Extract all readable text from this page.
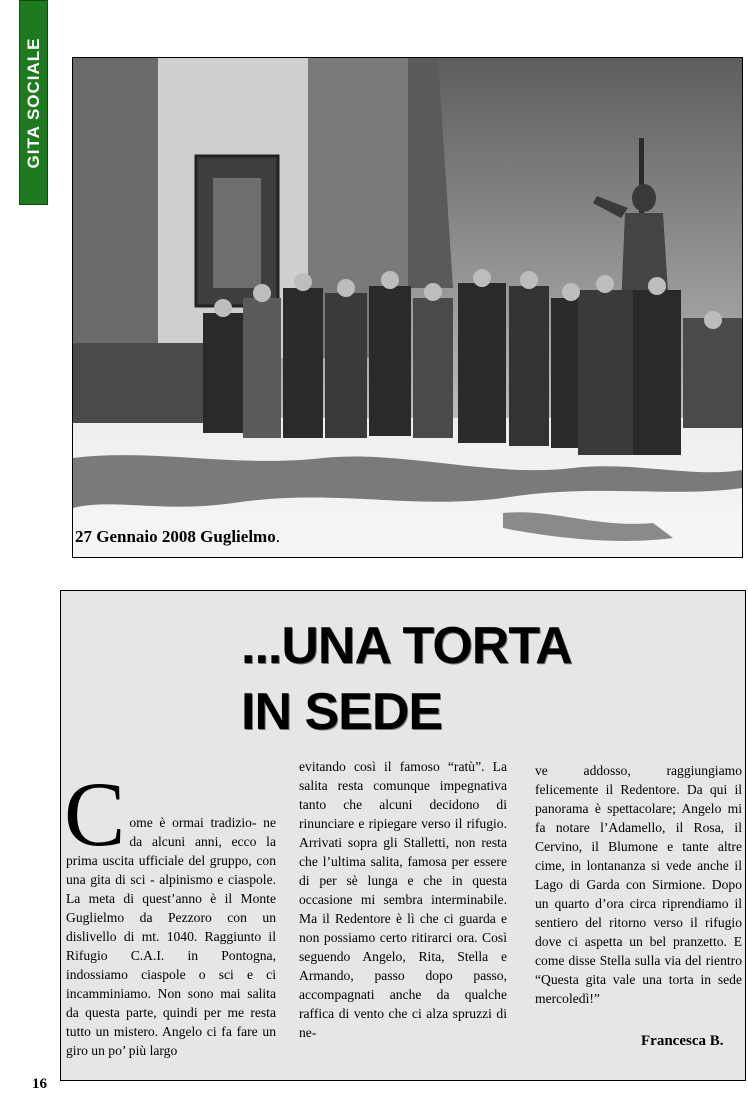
GITA SOCIALE
27 Gennaio 2008 Guglielmo.
...UNA TORTA
IN SEDE
Come è ormai tradizio- ne da alcuni anni, ecco la prima uscita ufficiale del gruppo, con una gita di sci - alpinismo e ciaspole. La meta di quest’anno è il Monte Guglielmo da Pezzoro con un dislivello di mt. 1040. Raggiunto il Rifugio C.A.I. in Pontogna, indossiamo ciaspole o sci e ci incamminiamo. Non sono mai salita da questa parte, quindi per me resta tutto un mistero. Angelo ci fa fare un giro un po’ più largo
evitando così il famoso “ratù”. La salita resta comunque impegnativa tanto che alcuni decidono di rinunciare e ripiegare verso il rifugio. Arrivati sopra gli Stalletti, non resta che l’ultima salita, famosa per essere di per sè lunga e che in questa occasione mi sembra interminabile. Ma il Redentore è lì che ci guarda e non possiamo certo ritirarci ora. Così seguendo Angelo, Rita, Stella e Armando, passo dopo passo, accompagnati anche da qualche raffica di vento che ci alza spruzzi di ne-
ve addosso, raggiungiamo felicemente il Redentore. Da qui il panorama è spettacolare; Angelo mi fa notare l’Adamello, il Rosa, il Cervino, il Blumone e tante altre cime, in lontananza si vede anche il Lago di Garda con Sirmione. Dopo un quarto d’ora circa riprendiamo il sentiero del ritorno verso il rifugio dove ci aspetta un bel pranzetto. E come disse Stella sulla via del rientro “Questa gita vale una torta in sede mercoledì!”
Francesca B.
16
